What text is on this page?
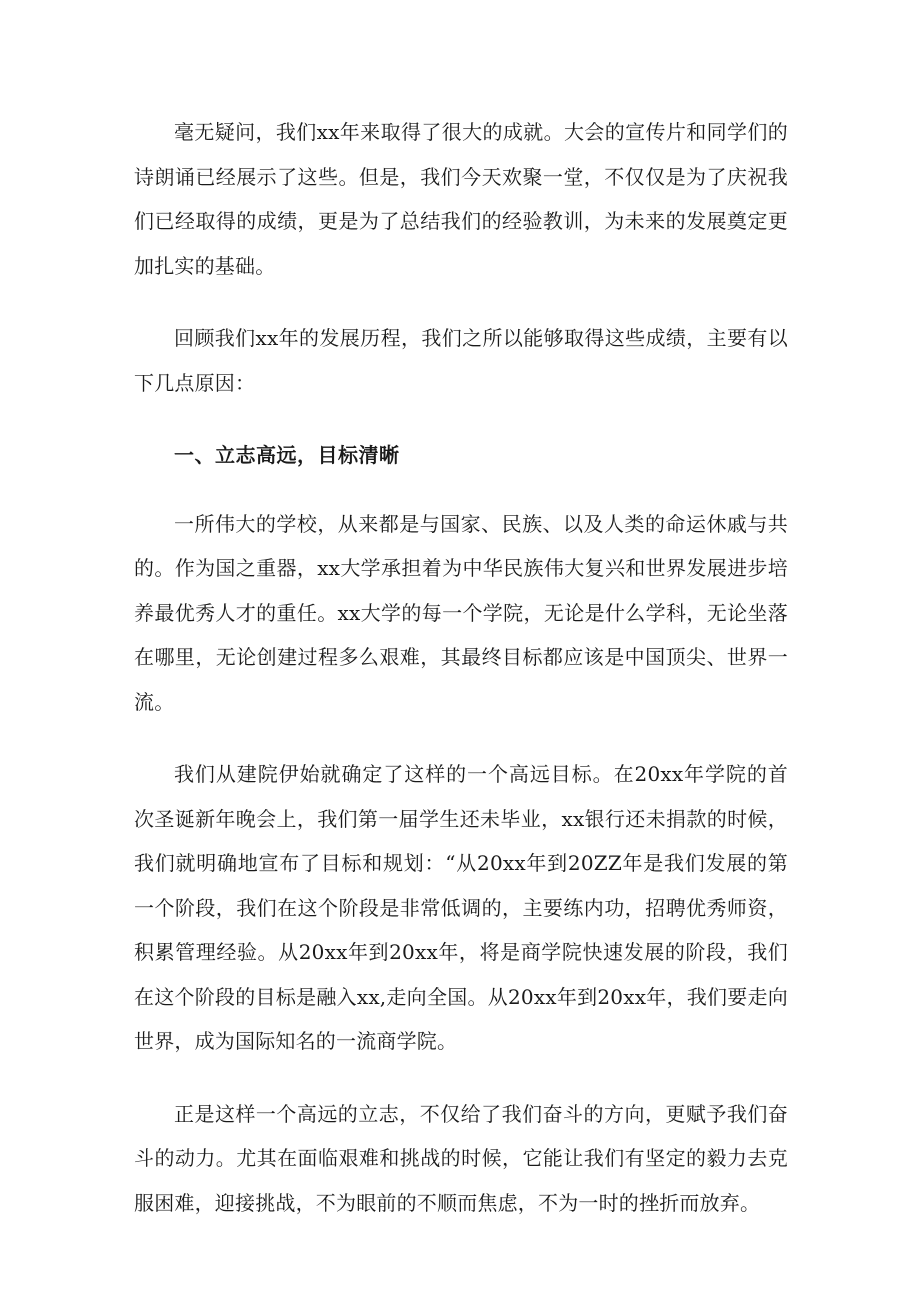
毫无疑问，我们xx年来取得了很大的成就。大会的宣传片和同学们的诗朗诵已经展示了这些。但是，我们今天欢聚一堂，不仅仅是为了庆祝我们已经取得的成绩，更是为了总结我们的经验教训，为未来的发展奠定更加扎实的基础。

回顾我们xx年的发展历程，我们之所以能够取得这些成绩，主要有以下几点原因：

一、立志高远，目标清晰

一所伟大的学校，从来都是与国家、民族、以及人类的命运休戚与共的。作为国之重器，xx大学承担着为中华民族伟大复兴和世界发展进步培养最优秀人才的重任。xx大学的每一个学院，无论是什么学科，无论坐落在哪里，无论创建过程多么艰难，其最终目标都应该是中国顶尖、世界一流。

我们从建院伊始就确定了这样的一个高远目标。在20xx年学院的首次圣诞新年晚会上，我们第一届学生还未毕业，xx银行还未捐款的时候，我们就明确地宣布了目标和规划：“从20xx年到20ZZ年是我们发展的第一个阶段，我们在这个阶段是非常低调的，主要练内功，招聘优秀师资，积累管理经验。从20xx年到20xx年，将是商学院快速发展的阶段，我们在这个阶段的目标是融入xx,走向全国。从20xx年到20xx年，我们要走向世界，成为国际知名的一流商学院。

正是这样一个高远的立志，不仅给了我们奋斗的方向，更赋予我们奋斗的动力。尤其在面临艰难和挑战的时候，它能让我们有坚定的毅力去克服困难，迎接挑战，不为眼前的不顺而焦虑，不为一时的挫折而放弃。
